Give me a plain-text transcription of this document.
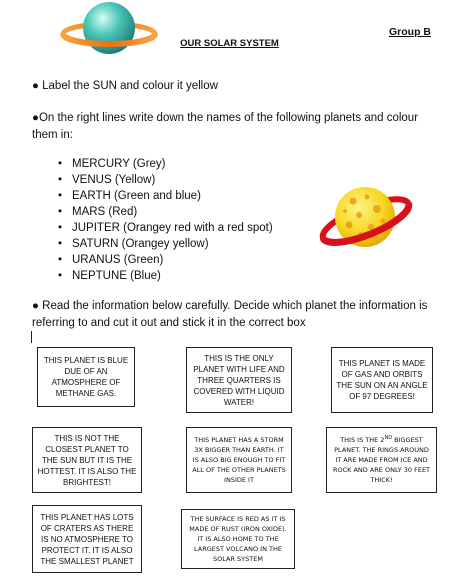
Group B
OUR SOLAR SYSTEM
● Label the SUN and colour it yellow
●On the right lines write down the names of the following planets and colour them in:
• MERCURY (Grey)
• VENUS (Yellow)
• EARTH (Green and blue)
• MARS (Red)
• JUPITER (Orangey red with a red spot)
• SATURN (Orangey yellow)
• URANUS (Green)
• NEPTUNE (Blue)
● Read the information below carefully. Decide which planet the information is referring to and cut it out and stick it in the correct box
THIS PLANET IS BLUE DUE OF AN ATMOSPHERE OF METHANE GAS.
THIS IS THE ONLY PLANET WITH LIFE AND THREE QUARTERS IS COVERED WITH LIQUID WATER!
THIS PLANET IS MADE OF GAS AND ORBITS THE SUN ON AN ANGLE OF 97 DEGREES!
THIS IS NOT THE CLOSEST PLANET TO THE SUN BUT IT IS THE HOTTEST. IT IS ALSO THE BRIGHTEST!
THIS PLANET HAS A STORM 3X BIGGER THAN EARTH. IT IS ALSO BIG ENOUGH TO FIT ALL OF THE OTHER PLANETS INSIDE IT
THIS IS THE 2ND BIGGEST PLANET. THE RINGS AROUND IT ARE MADE FROM ICE AND ROCK AND ARE ONLY 30 FEET THICK!
THIS PLANET HAS LOTS OF CRATERS AS THERE IS NO ATMOSPHERE TO PROTECT IT. IT IS ALSO THE SMALLEST PLANET
THE SURFACE IS RED AS IT IS MADE OF RUST (IRON OXIDE). IT IS ALSO HOME TO THE LARGEST VOLCANO IN THE SOLAR SYSTEM
